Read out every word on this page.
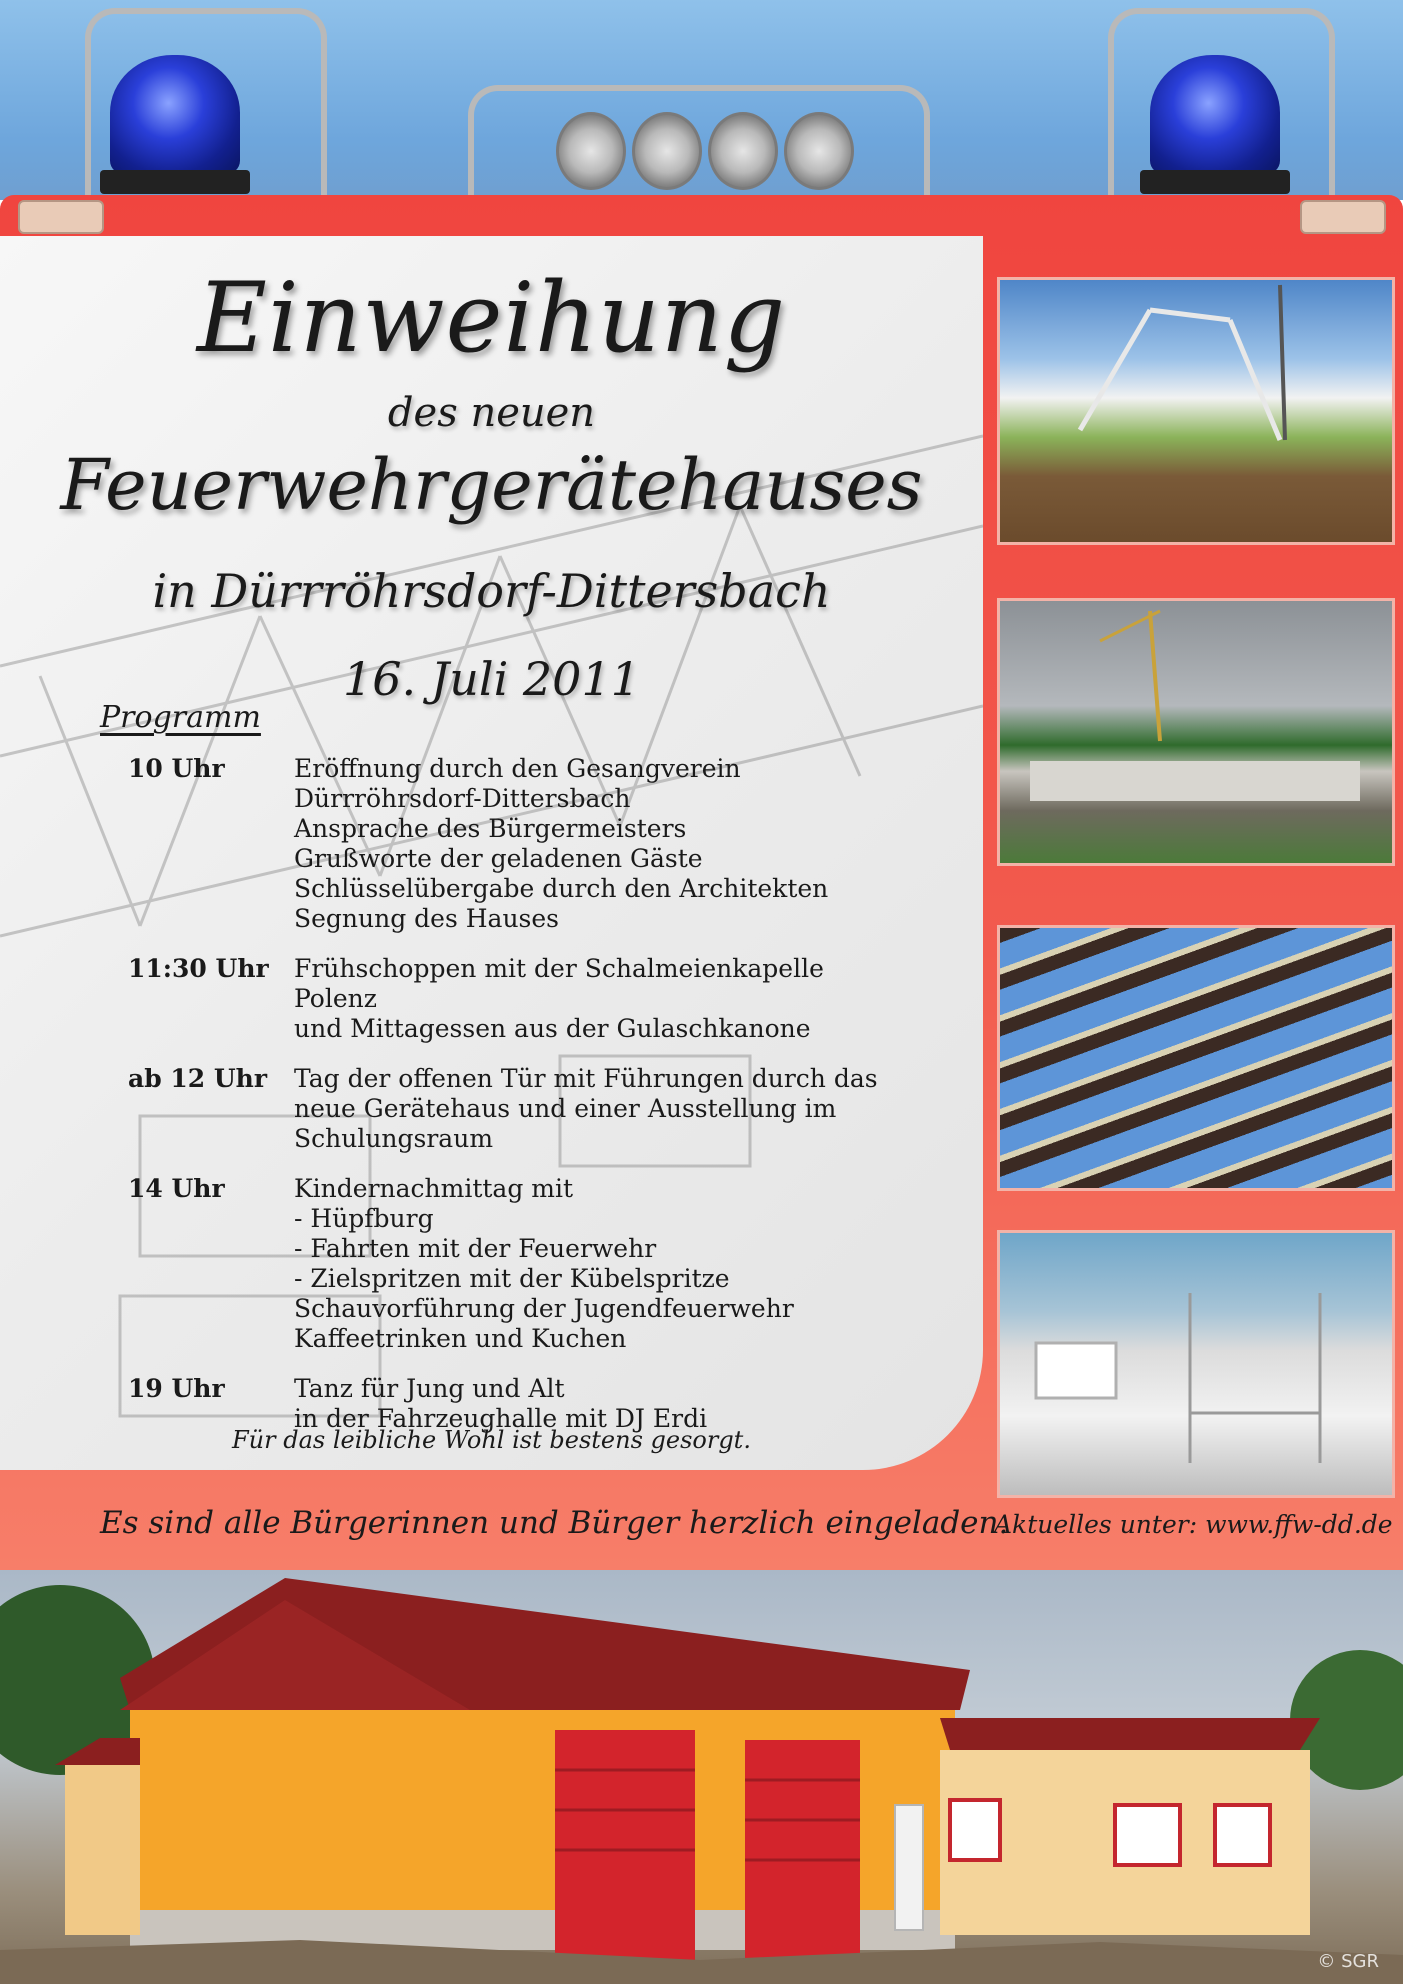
Einweihung
des neuen
Feuerwehrgerätehauses
in Dürrröhrsdorf-Dittersbach
16. Juli 2011
Programm
10 Uhr	Eröffnung durch den Gesangverein
Dürrröhrsdorf-Dittersbach
Ansprache des Bürgermeisters
Grußworte der geladenen Gäste
Schlüsselübergabe durch den Architekten
Segnung des Hauses
11:30 Uhr	Frühschoppen mit der Schalmeienkapelle Polenz
und Mittagessen aus der Gulaschkanone
ab 12 Uhr	Tag der offenen Tür mit Führungen durch das
neue Gerätehaus und einer Ausstellung im
Schulungsraum
14 Uhr	Kindernachmittag mit
- Hüpfburg
- Fahrten mit der Feuerwehr
- Zielspritzen mit der Kübelspritze
Schauvorführung der Jugendfeuerwehr
Kaffeetrinken und Kuchen
19 Uhr	Tanz für Jung und Alt
in der Fahrzeughalle mit DJ Erdi
Für das leibliche Wohl ist bestens gesorgt.
Es sind alle Bürgerinnen und Bürger herzlich eingeladen.
Aktuelles unter: www.ffw-dd.de
© SGR
